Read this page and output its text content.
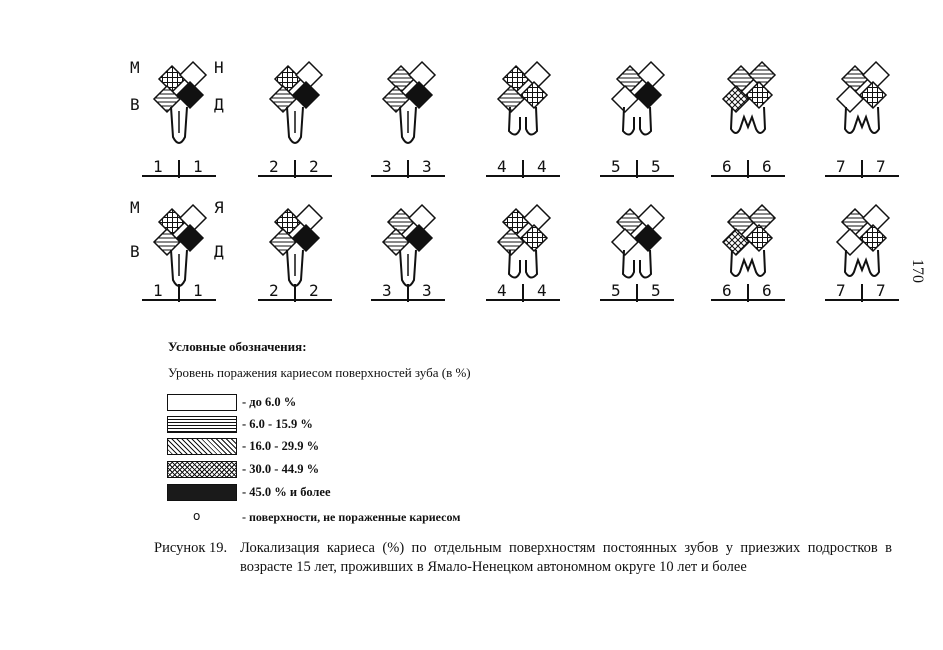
М	Н
В	Д
М	Я
В	Д
1 1	2 2	3 3	4 4	5 5	6 6	7 7
1 1	2 2	3 3	4 4	5 5	6 6	7 7
Условные обозначения:
Уровень поражения кариесом поверхностей зуба (в %)
- до 6.0 %
- 6.0 - 15.9 %
- 16.0 - 29.9 %
- 30.0 - 44.9 %
- 45.0 % и более
о	- поверхности, не пораженные кариесом
Рисунок 19. Локализация кариеса (%) по отдельным поверхностям постоянных зубов у приезжих подростков в возрасте 15 лет, проживших в Ямало-Ненецком автономном округе 10 лет и более
170
